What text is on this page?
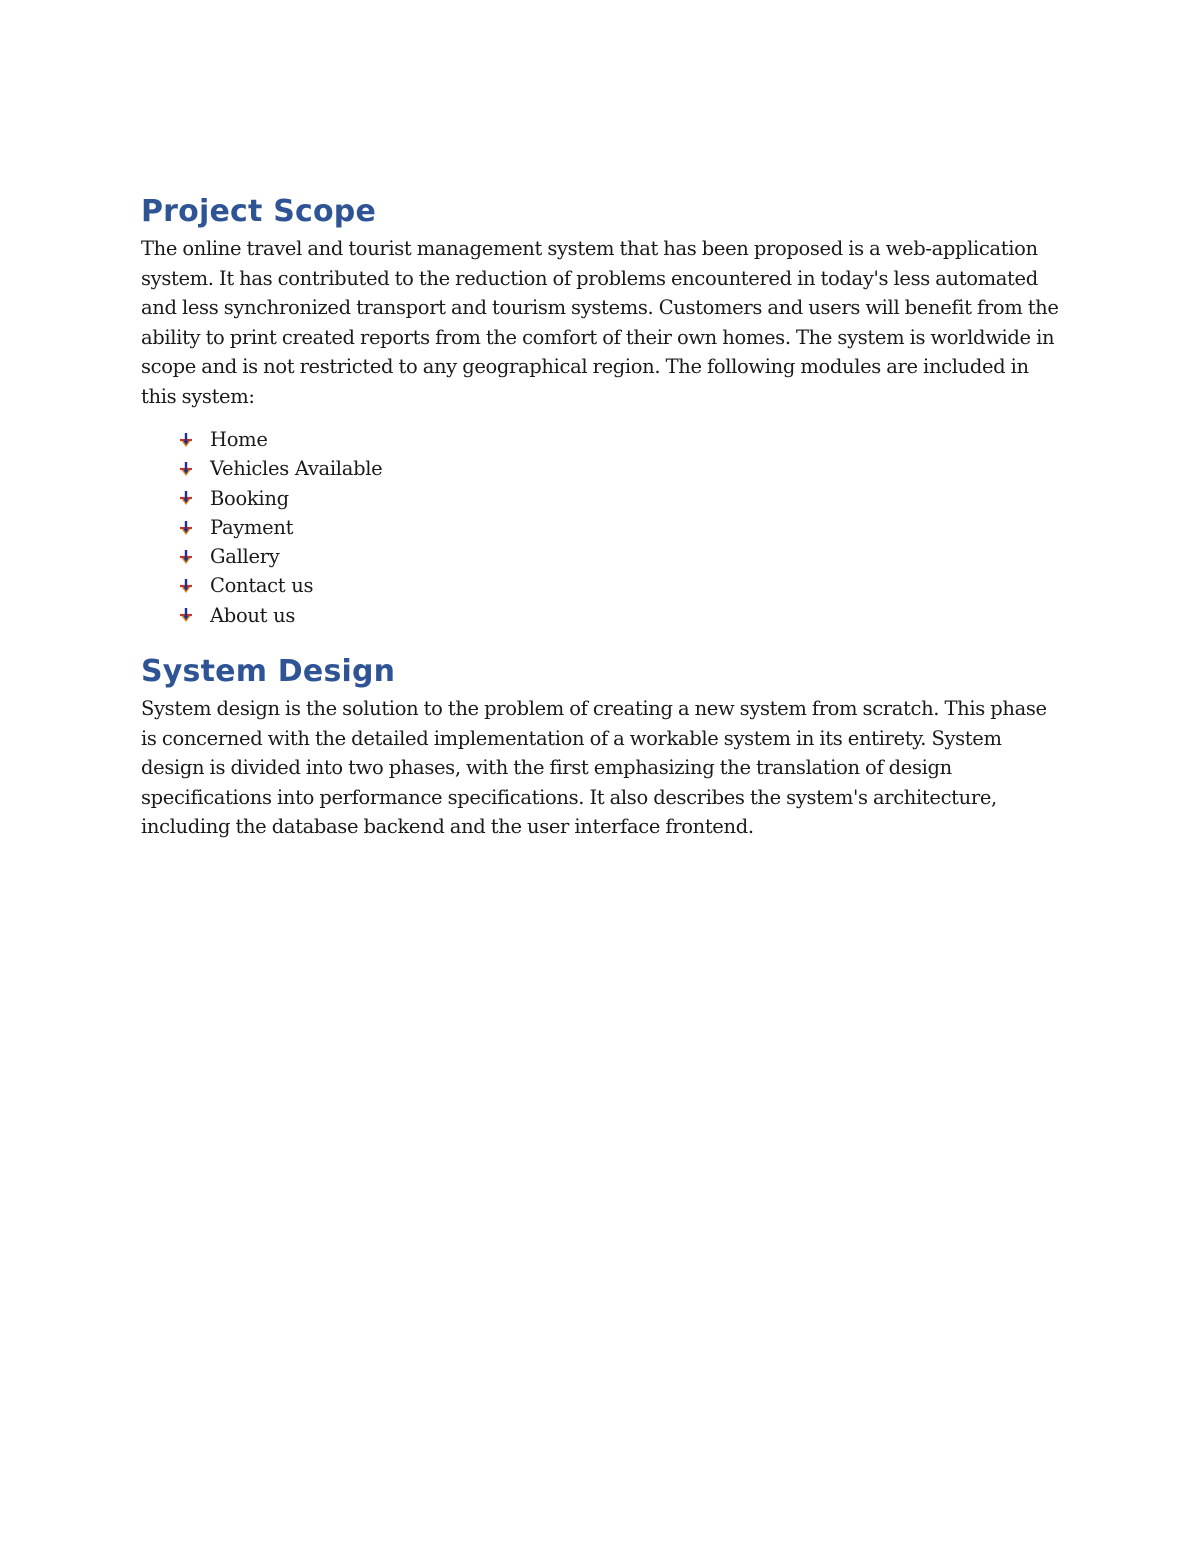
Project Scope

The online travel and tourist management system that has been proposed is a web-application system. It has contributed to the reduction of problems encountered in today's less automated and less synchronized transport and tourism systems. Customers and users will benefit from the ability to print created reports from the comfort of their own homes. The system is worldwide in scope and is not restricted to any geographical region. The following modules are included in this system:

Home
Vehicles Available
Booking
Payment
Gallery
Contact us
About us
System Design

System design is the solution to the problem of creating a new system from scratch. This phase is concerned with the detailed implementation of a workable system in its entirety. System design is divided into two phases, with the first emphasizing the translation of design specifications into performance specifications. It also describes the system's architecture, including the database backend and the user interface frontend.
